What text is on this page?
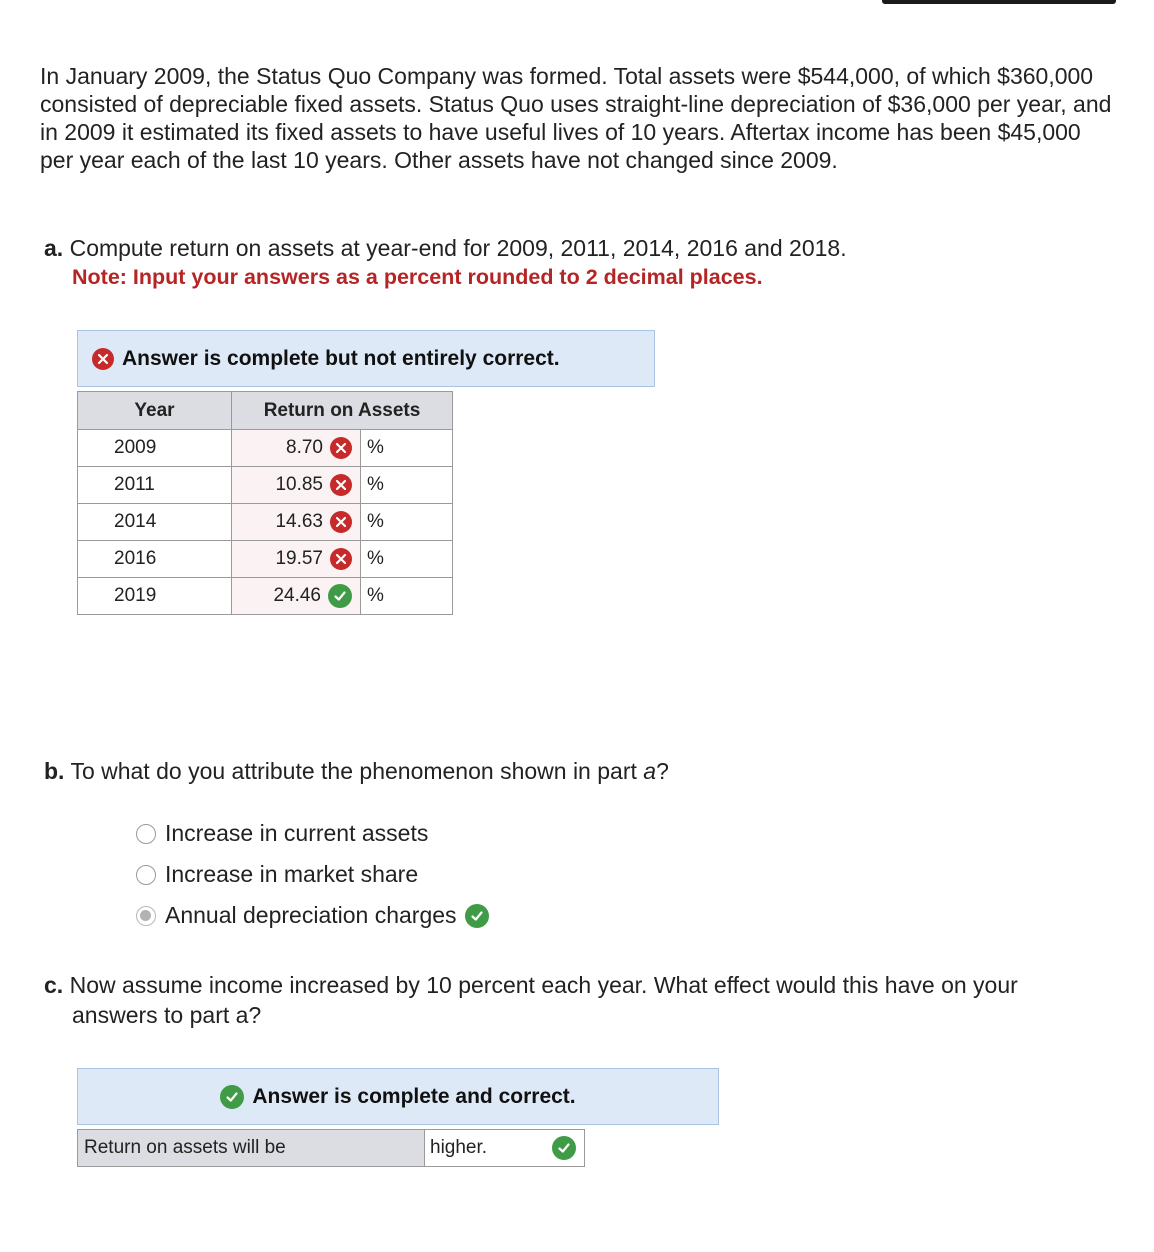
In January 2009, the Status Quo Company was formed. Total assets were $544,000, of which $360,000 consisted of depreciable fixed assets. Status Quo uses straight-line depreciation of $36,000 per year, and in 2009 it estimated its fixed assets to have useful lives of 10 years. Aftertax income has been $45,000 per year each of the last 10 years. Other assets have not changed since 2009.

a. Compute return on assets at year-end for 2009, 2011, 2014, 2016 and 2018.
Note: Input your answers as a percent rounded to 2 decimal places.
Answer is complete but not entirely correct.
Year	Return on Assets	
2009	8.70	%
2011	10.85	%
2014	14.63	%
2016	19.57	%
2019	24.46	%
b. To what do you attribute the phenomenon shown in part a?
Increase in current assets
Increase in market share
Annual depreciation charges
c. Now assume income increased by 10 percent each year. What effect would this have on your
answers to part a?
Answer is complete and correct.
Return on assets will be	higher.
